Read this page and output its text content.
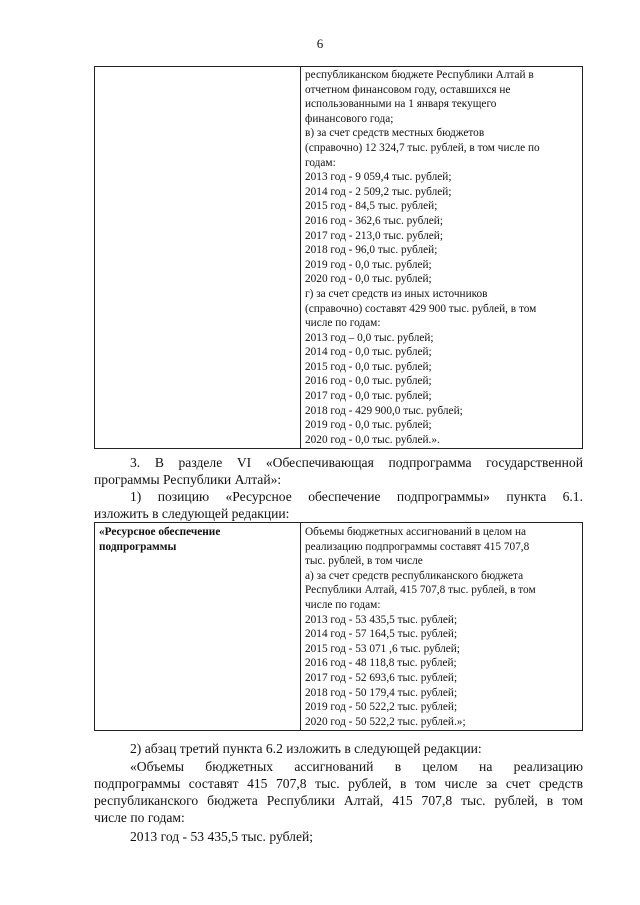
6

республиканском бюджете Республики Алтай в
отчетном финансовом году, оставшихся не
использованными на 1 января текущего
финансового года;
в) за счет средств местных бюджетов
(справочно) 12 324,7 тыс. рублей, в том числе по
годам:
2013 год - 9 059,4 тыс. рублей;
2014 год - 2 509,2 тыс. рублей;
2015 год - 84,5 тыс. рублей;
2016 год - 362,6 тыс. рублей;
2017 год - 213,0 тыс. рублей;
2018 год - 96,0 тыс. рублей;
2019 год - 0,0 тыс. рублей;
2020 год - 0,0 тыс. рублей;
г) за счет средств из иных источников
(справочно) составят 429 900 тыс. рублей, в том
числе по годам:
2013 год – 0,0 тыс. рублей;
2014 год - 0,0 тыс. рублей;
2015 год - 0,0 тыс. рублей;
2016 год - 0,0 тыс. рублей;
2017 год - 0,0 тыс. рублей;
2018 год - 429 900,0 тыс. рублей;
2019 год - 0,0 тыс. рублей;
2020 год - 0,0 тыс. рублей.».
3. В разделе VI «Обеспечивающая подпрограмма государственной
программы Республики Алтай»:
1) позицию «Ресурсное обеспечение подпрограммы» пункта 6.1.
изложить в следующей редакции:
«Ресурсное обеспечение
подпрограммы

Объемы бюджетных ассигнований в целом на
реализацию подпрограммы составят 415 707,8
тыс. рублей, в том числе
а) за счет средств республиканского бюджета
Республики Алтай, 415 707,8 тыс. рублей, в том
числе по годам:
2013 год - 53 435,5 тыс. рублей;
2014 год - 57 164,5 тыс. рублей;
2015 год - 53 071 ,6 тыс. рублей;
2016 год - 48 118,8 тыс. рублей;
2017 год - 52 693,6 тыс. рублей;
2018 год - 50 179,4 тыс. рублей;
2019 год - 50 522,2 тыс. рублей;
2020 год - 50 522,2 тыс. рублей.»;
2) абзац третий пункта 6.2 изложить в следующей редакции:
«Объемы бюджетных ассигнований в целом на реализацию
подпрограммы составят 415 707,8 тыс. рублей, в том числе за счет средств
республиканского бюджета Республики Алтай, 415 707,8 тыс. рублей, в том
числе по годам:
2013 год - 53 435,5 тыс. рублей;
